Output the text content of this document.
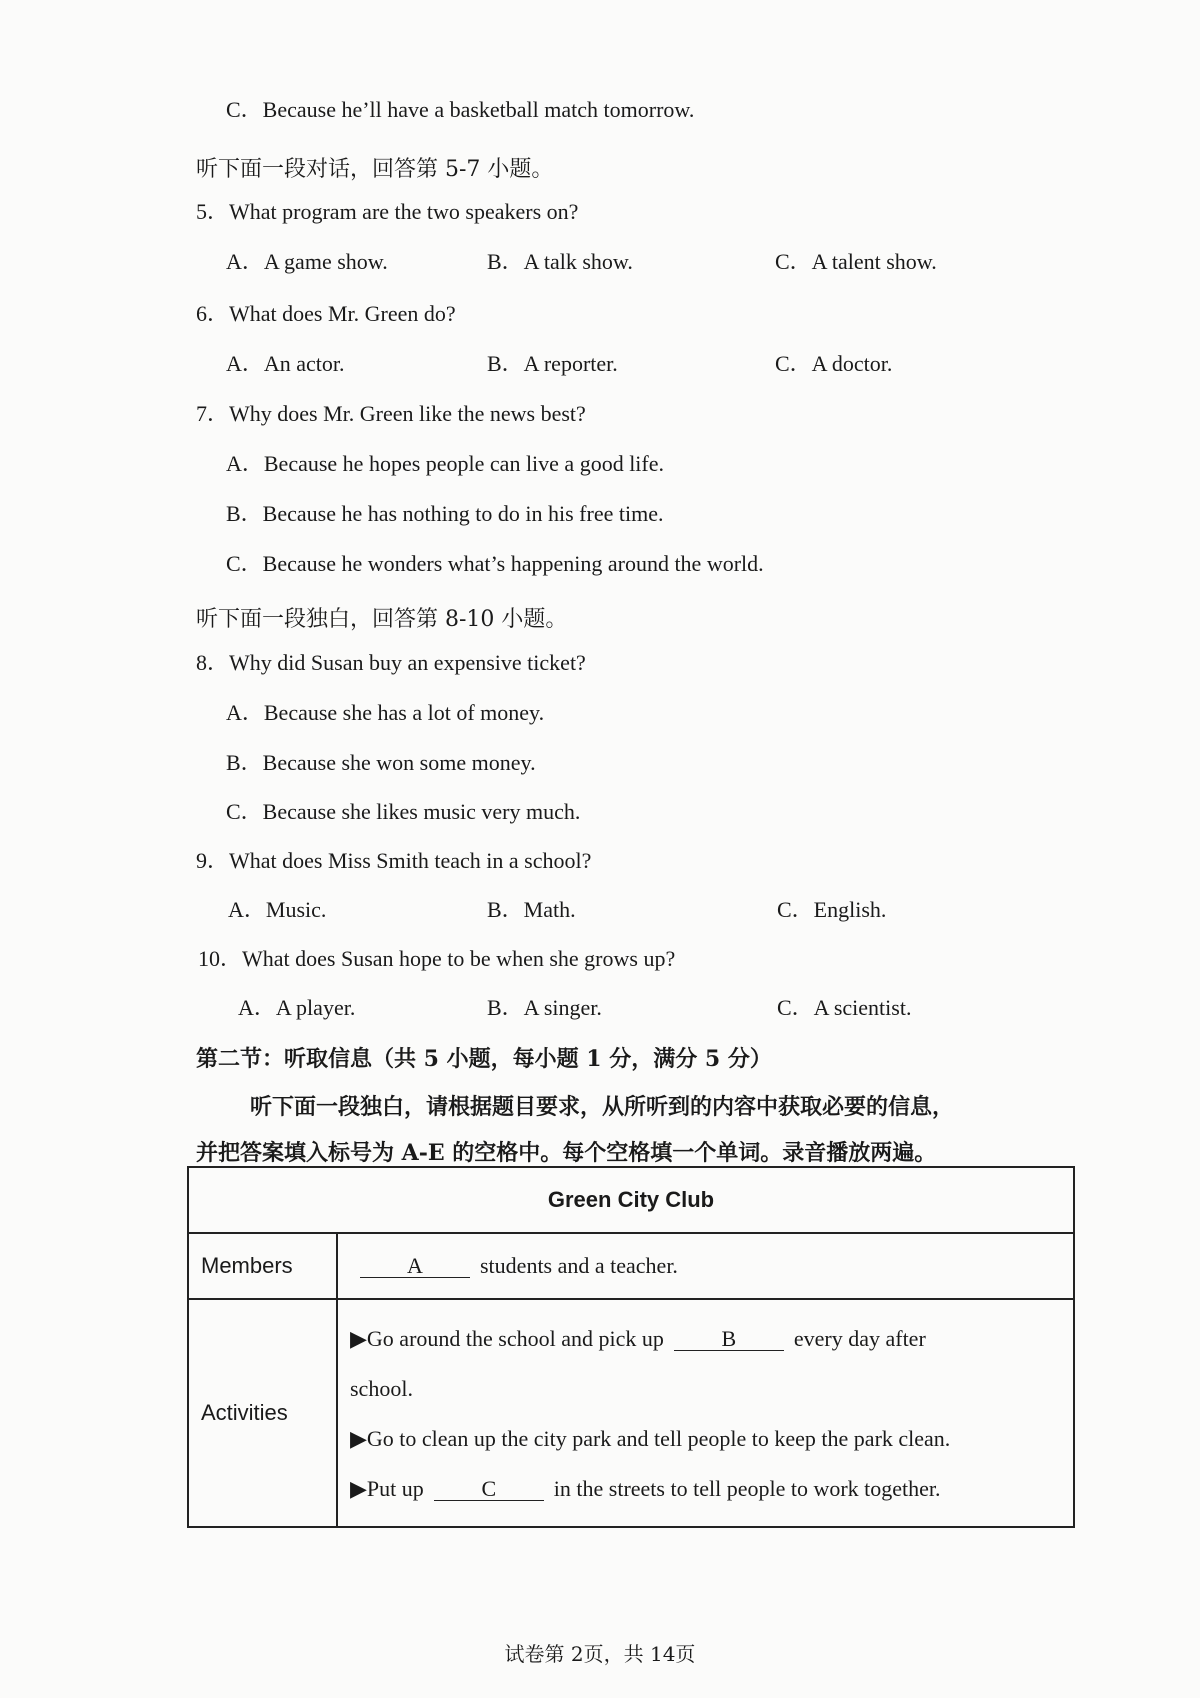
C．Because he’ll have a basketball match tomorrow.
听下面一段对话，回答第 5-7 小题。
5．What program are the two speakers on?
A．A game show.	B．A talk show.	C．A talent show.
6．What does Mr. Green do?
A．An actor.	B．A reporter.	C．A doctor.
7．Why does Mr. Green like the news best?
A．Because he hopes people can live a good life.
B．Because he has nothing to do in his free time.
C．Because he wonders what’s happening around the world.
听下面一段独白，回答第 8-10 小题。
8．Why did Susan buy an expensive ticket?
A．Because she has a lot of money.
B．Because she won some money.
C．Because she likes music very much.
9．What does Miss Smith teach in a school?
A．Music.	B．Math.	C．English.
10．What does Susan hope to be when she grows up?
A．A player.	B．A singer.	C．A scientist.
第二节：听取信息（共 5 小题，每小题 1 分，满分 5 分）
听下面一段独白，请根据题目要求，从所听到的内容中获取必要的信息，
并把答案填入标号为 A-E 的空格中。每个空格填一个单词。录音播放两遍。
Green City Club	
Members	A students and a teacher.
Activities	▶Go around the school and pick up B every day after
school.
▶Go to clean up the city park and tell people to keep the park clean.
▶Put up C in the streets to tell people to work together.
试卷第 2页，共 14页
